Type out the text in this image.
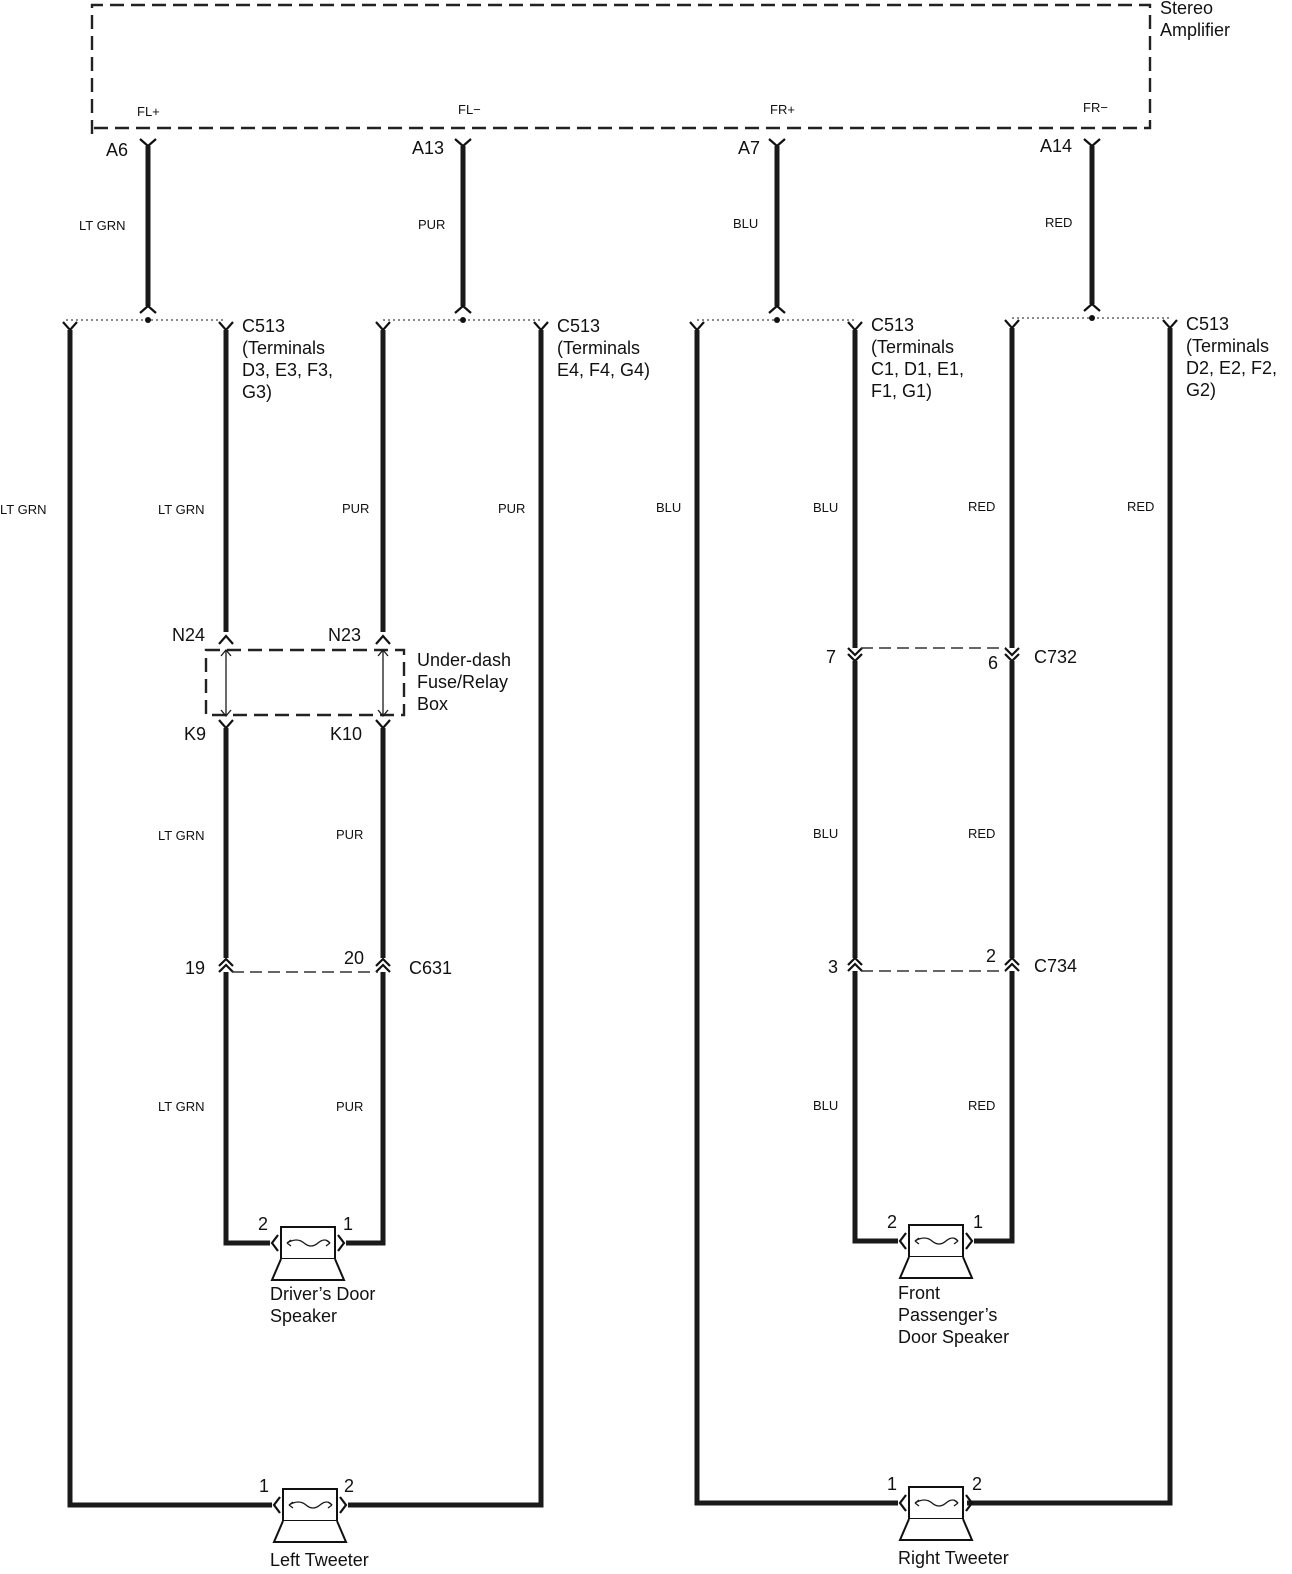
Stereo
Amplifier
FL+	FL−	FR+	FR−
A6	A13	A7	A14
LT GRN	PUR	BLU	RED
C513
(Terminals
D3, E3, F3,
G3)
C513
(Terminals
E4, F4, G4)
C513
(Terminals
C1, D1, E1,
F1, G1)
C513
(Terminals
D2, E2, F2,
G2)
LT GRN	PUR	BLU	RED
LT GRN	PUR
N24	N23
K9	K10
Under-dash
Fuse/Relay
Box
LT GRN	PUR
19	20 C631
LT GRN	PUR
BLU	RED
7	6 C732
BLU	RED
3
2 C734
BLU	RED
2	1
Driver’s Door
Speaker
2	1
Front
Passenger’s
Door Speaker
1	2
Left Tweeter
1	2
Right Tweeter
